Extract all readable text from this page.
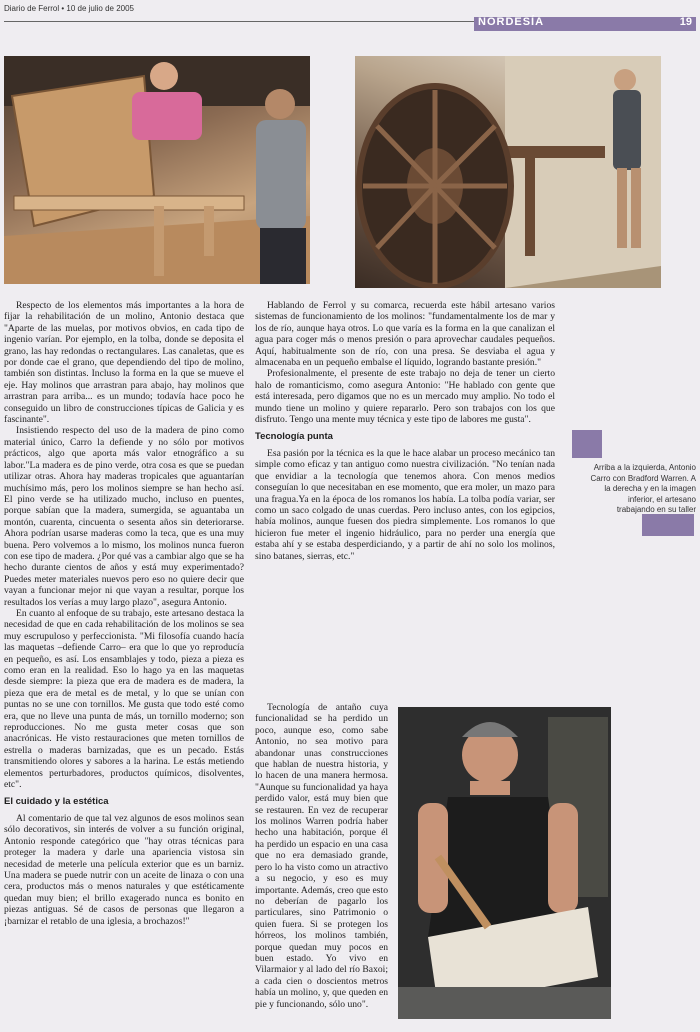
Diario de Ferrol • 10 de julio de 2005
NORDESÍA	19
Arriba a la izquierda, Antonio Carro con Bradford Warren. A la derecha y en la imagen inferior, el artesano trabajando en su taller

Respecto de los elementos más importantes a la hora de fijar la rehabilitación de un molino, Antonio destaca que "Aparte de las muelas, por motivos obvios, en cada tipo de ingenio varían. Por ejemplo, en la tolba, donde se deposita el grano, las hay redondas o rectangulares. Las canaletas, que es por donde cae el grano, que dependiendo del tipo de molino, también son distintas. Incluso la forma en la que se mueve el eje. Hay molinos que arrastran para abajo, hay molinos que arrastran para arriba... es un mundo; todavía hace poco he conseguido un libro de construcciones típicas de Galicia y es fascinante".

Insistiendo respecto del uso de la madera de pino como material único, Carro la defiende y no sólo por motivos prácticos, algo que aporta más valor etnográfico a su labor."La madera es de pino verde, otra cosa es que se puedan utilizar otras. Ahora hay maderas tropicales que aguantarían muchísimo más, pero los molinos siempre se han hecho así. El pino verde se ha utilizado mucho, incluso en puentes, porque sabían que la madera, sumergida, se aguantaba un montón, cuarenta, cincuenta o sesenta años sin deteriorarse. Ahora podrían usarse maderas como la teca, que es una muy buena. Pero volvemos a lo mismo, los molinos nunca fueron con ese tipo de madera. ¿Por qué vas a cambiar algo que se ha hecho durante cientos de años y está muy experimentado? Puedes meter materiales nuevos pero eso no quiere decir que vayan a funcionar mejor ni que vayan a resultar, porque los resultados los verías a muy largo plazo", asegura Antonio.

En cuanto al enfoque de su trabajo, este artesano destaca la necesidad de que en cada rehabilitación de los molinos se sea muy escrupuloso y perfeccionista. "Mi filosofía cuando hacía las maquetas –defiende Carro– era que lo que yo reproducía en pequeño, es así. Los ensamblajes y todo, pieza a pieza es como eran en la realidad. Eso lo hago ya en las maquetas desde siempre: la pieza que era de madera es de madera, la pieza que era de metal es de metal, y lo que se unían con puntas no se une con tornillos. Me gusta que todo esté como era, que no lleve una punta de más, un tornillo moderno; son reproducciones. No me gusta meter cosas que son anacrónicas. He visto restauraciones que meten tornillos de estrella o maderas barnizadas, que es un pecado. Estás transmitiendo olores y sabores a la harina. Le estás metiendo elementos perturbadores, productos químicos, disolventes, etc".

El cuidado y la estética

Al comentario de que tal vez algunos de esos molinos sean sólo decorativos, sin interés de volver a su función original, Antonio responde categórico que "hay otras técnicas para proteger la madera y darle una apariencia vistosa sin necesidad de meterle una película exterior que es un barniz. Una madera se puede nutrir con un aceite de linaza o con una cera, productos más o menos naturales y que estéticamente quedan muy bien; el brillo exagerado nunca es bonito en piezas antiguas. Sé de casos de personas que llegaron a ¡barnizar el retablo de una iglesia, a brochazos!"

Hablando de Ferrol y su comarca, recuerda este hábil artesano varios sistemas de funcionamiento de los molinos: "fundamentalmente los de mar y los de río, aunque haya otros. Lo que varía es la forma en la que canalizan el agua para coger más o menos presión o para aprovechar caudales pequeños. Aquí, habitualmente son de río, con una presa. Se desviaba el agua y almacenaba en un pequeño embalse el líquido, logrando bastante presión."

Profesionalmente, el presente de este trabajo no deja de tener un cierto halo de romanticismo, como asegura Antonio: "He hablado con gente que está interesada, pero digamos que no es un mercado muy amplio. No todo el mundo tiene un molino y quiere repararlo. Pero son trabajos con los que disfruto. Tengo una mente muy técnica y este tipo de labores me gusta".

Tecnología punta

Esa pasión por la técnica es la que le hace alabar un proceso mecánico tan simple como eficaz y tan antiguo como nuestra civilización. "No tenían nada que envidiar a la tecnología que tenemos ahora. Con menos medios conseguían lo que necesitaban en ese momento, que era moler, un mazo para una fragua.Ya en la época de los romanos los había. La tolba podía variar, ser como un saco colgado de unas cuerdas. Pero incluso antes, con los egipcios, había molinos, aunque fuesen dos piedra simplemente. Los romanos lo que hicieron fue meter el ingenio hidráulico, para no perder una energía que estaba ahí y se estaba desperdiciando, y a partir de ahí no solo los molinos, sino batanes, sierras, etc."

Tecnología de antaño cuya funcionalidad se ha perdido un poco, aunque eso, como sabe Antonio, no sea motivo para abandonar unas construcciones que hablan de nuestra historia, y lo hacen de una manera hermosa. "Aunque su funcionalidad ya haya perdido valor, está muy bien que se restauren. En vez de recuperar los molinos Warren podría haber hecho una habitación, porque él ha perdido un espacio en una casa que no era demasiado grande, pero lo ha visto como un atractivo a su negocio, y eso es muy importante. Además, creo que esto no deberían de pagarlo los particulares, sino Patrimonio o quien fuera. Si se protegen los hórreos, los molinos también, porque quedan muy pocos en buen estado. Yo vivo en Vilarmaior y al lado del río Baxoi; a cada cien o doscientos metros había un molino, y, que queden en pie y funcionando, sólo uno".
